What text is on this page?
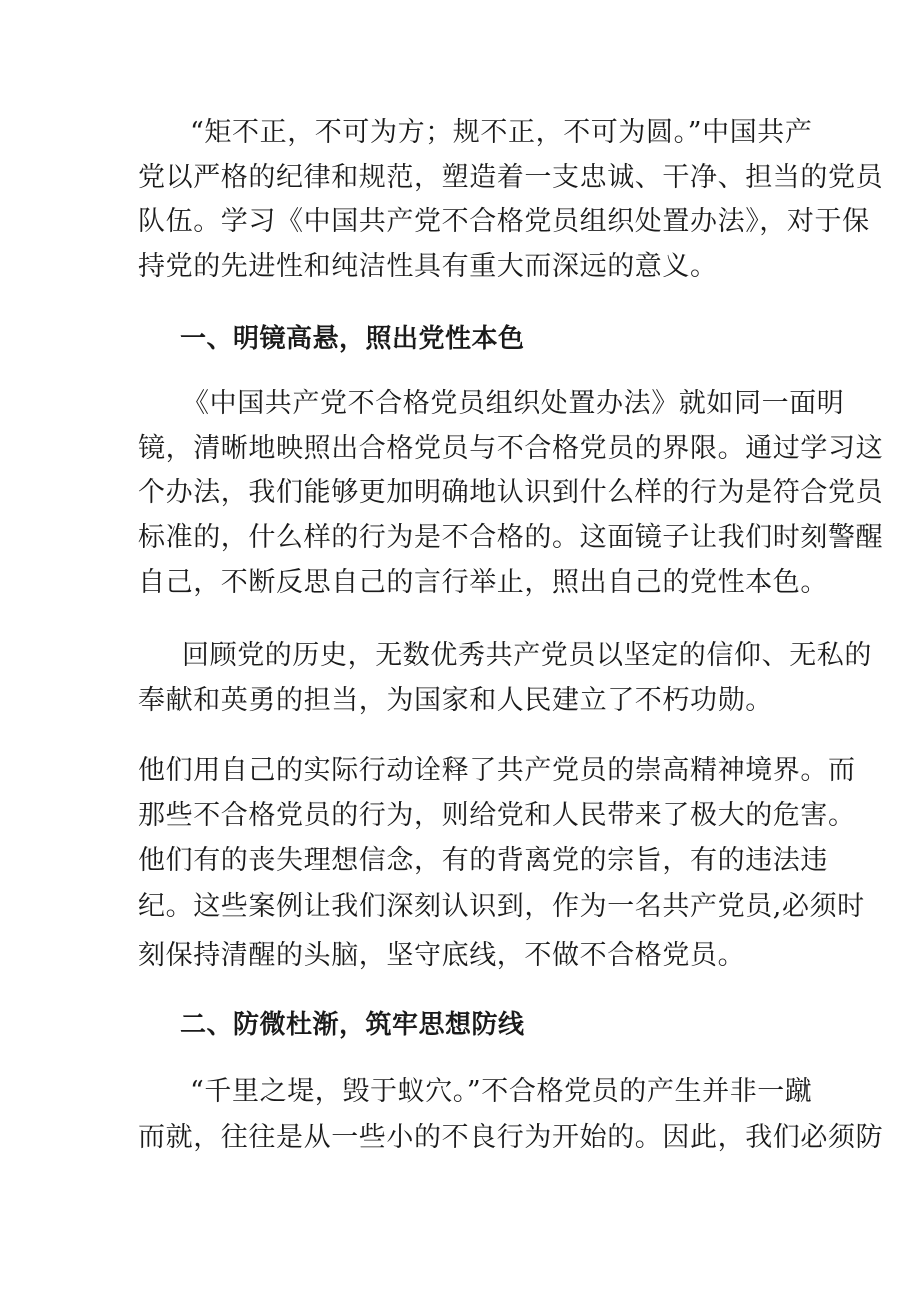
“矩不正，不可为方；规不正，不可为圆。”中国共产
党以严格的纪律和规范，塑造着一支忠诚、干净、担当的党员
队伍。学习《中国共产党不合格党员组织处置办法》，对于保
持党的先进性和纯洁性具有重大而深远的意义。
一、明镜高悬，照出党性本色
《中国共产党不合格党员组织处置办法》就如同一面明
镜，清晰地映照出合格党员与不合格党员的界限。通过学习这
个办法，我们能够更加明确地认识到什么样的行为是符合党员
标准的，什么样的行为是不合格的。这面镜子让我们时刻警醒
自己，不断反思自己的言行举止，照出自己的党性本色。
回顾党的历史，无数优秀共产党员以坚定的信仰、无私的
奉献和英勇的担当，为国家和人民建立了不朽功勋。
他们用自己的实际行动诠释了共产党员的崇高精神境界。而
那些不合格党员的行为，则给党和人民带来了极大的危害。
他们有的丧失理想信念，有的背离党的宗旨，有的违法违
纪。这些案例让我们深刻认识到，作为一名共产党员,必须时
刻保持清醒的头脑，坚守底线，不做不合格党员。
二、防微杜渐，筑牢思想防线
“千里之堤，毁于蚁穴。”不合格党员的产生并非一蹴
而就，往往是从一些小的不良行为开始的。因此，我们必须防
